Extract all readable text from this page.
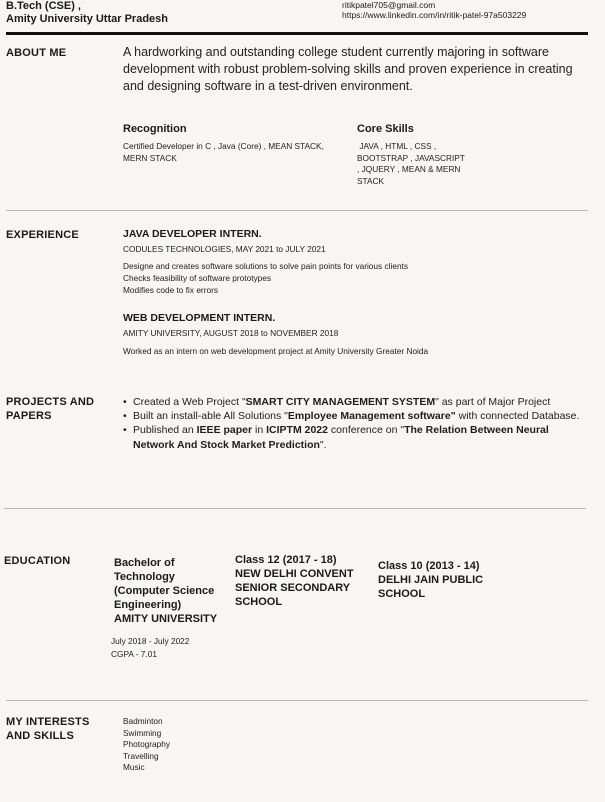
B.Tech (CSE) ,
Amity University Uttar Pradesh
ritikpatel705@gmail.com
https://www.linkedin.com/in/ritik-patel-97a503229
ABOUT ME	A hardworking and outstanding college student currently majoring in software development with robust problem-solving skills and proven experience in creating and designing software in a test-driven environment.
Recognition
Certified Developer in C , Java (Core) , MEAN STACK, MERN STACK
Core Skills
JAVA , HTML , CSS , BOOTSTRAP , JAVASCRIPT , JQUERY , MEAN & MERN STACK
EXPERIENCE	JAVA DEVELOPER INTERN.
CODULES TECHNOLOGIES, MAY 2021 to JULY 2021
Designe and creates software solutions to solve pain points for various clients
Checks feasibility of software prototypes
Modifies code to fix errors
WEB DEVELOPMENT INTERN.
AMITY UNIVERSITY, AUGUST 2018 to NOVEMBER 2018
Worked as an intern on web development project at Amity University Greater Noida
PROJECTS AND
PAPERS
• Created a Web Project "SMART CITY MANAGEMENT SYSTEM" as part of Major Project
• Built an install-able All Solutions "Employee Management software" with connected Database.
• Published an IEEE paper in ICIPTM 2022 conference on "The Relation Between Neural Network And Stock Market Prediction".
EDUCATION	Bachelor of Technology (Computer Science Engineering)
AMITY UNIVERSITY
Class 12 (2017 - 18)
NEW DELHI CONVENT SENIOR SECONDARY SCHOOL
Class 10 (2013 - 14)
DELHI JAIN PUBLIC SCHOOL
July 2018 - July 2022
CGPA - 7.01
MY INTERESTS
AND SKILLS
Badminton
Swimming
Photography
Travelling
Music
